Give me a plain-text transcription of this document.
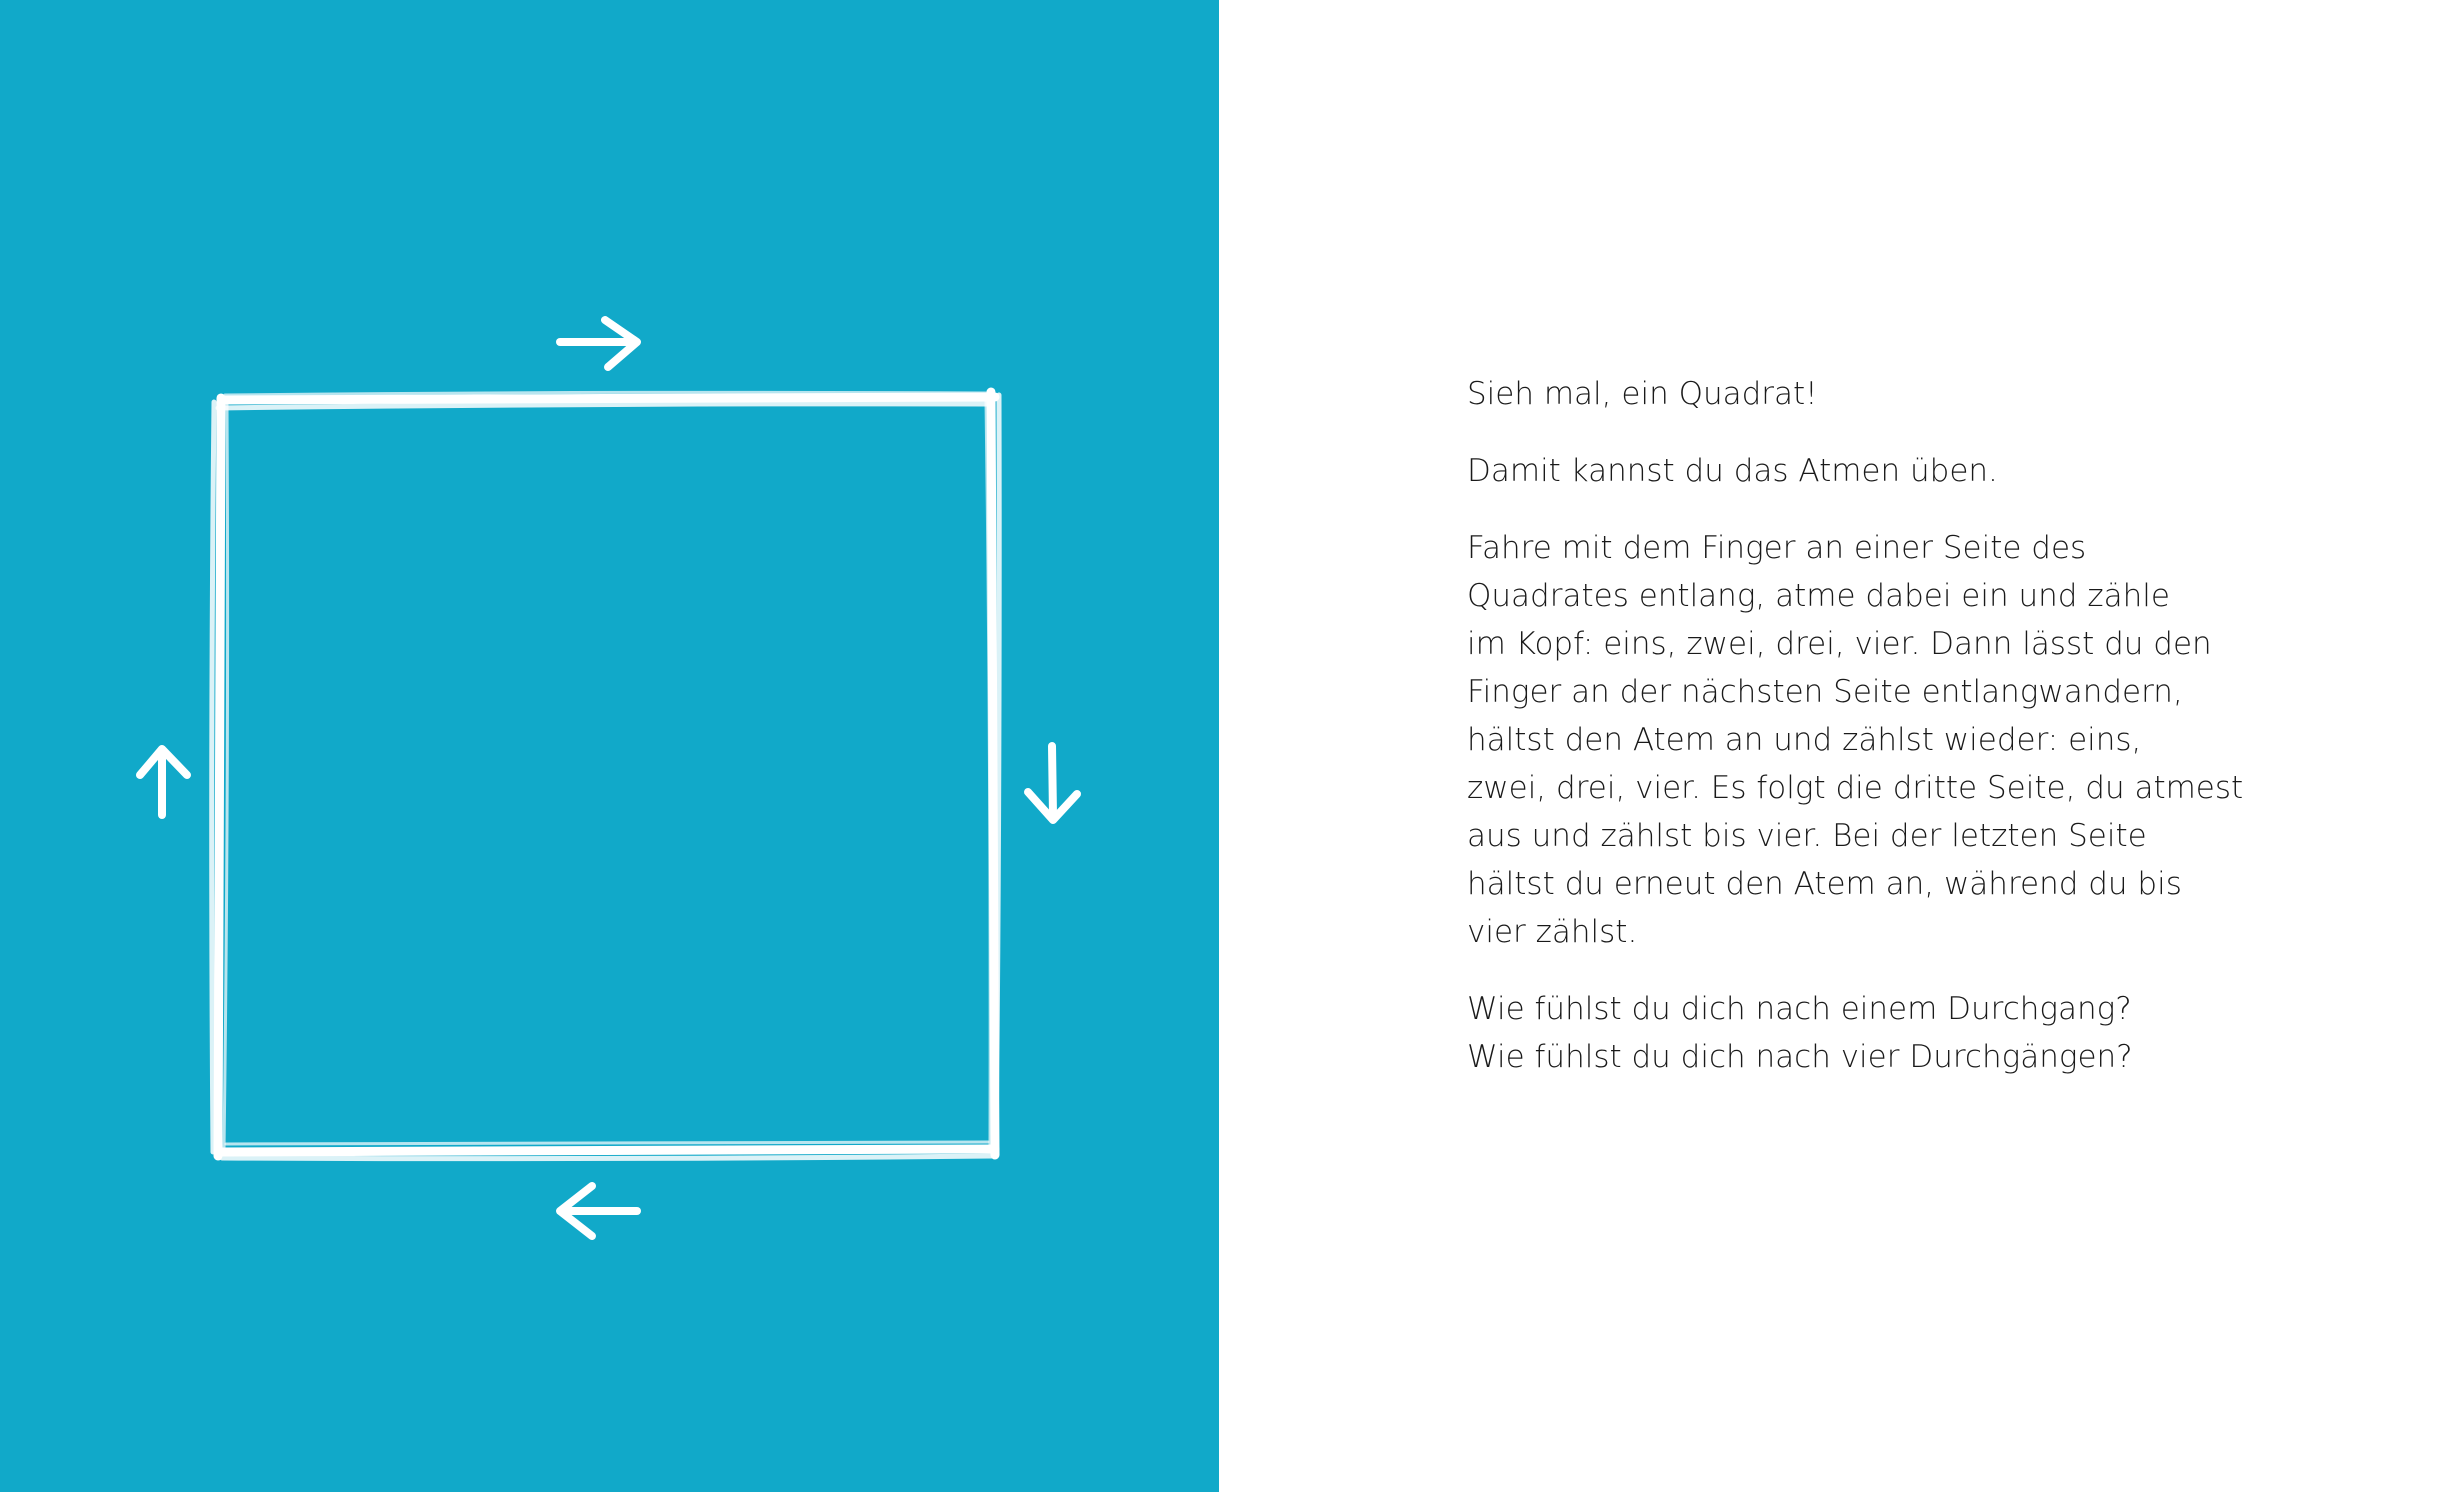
Sieh mal, ein Quadrat!

Damit kannst du das Atmen üben.

Fahre mit dem Finger an einer Seite des
Quadrates entlang, atme dabei ein und zähle
im Kopf: eins, zwei, drei, vier. Dann lässt du den
Finger an der nächsten Seite entlangwandern,
hältst den Atem an und zählst wieder: eins,
zwei, drei, vier. Es folgt die dritte Seite, du atmest
aus und zählst bis vier. Bei der letzten Seite
hältst du erneut den Atem an, während du bis
vier zählst.

Wie fühlst du dich nach einem Durchgang?
Wie fühlst du dich nach vier Durchgängen?
